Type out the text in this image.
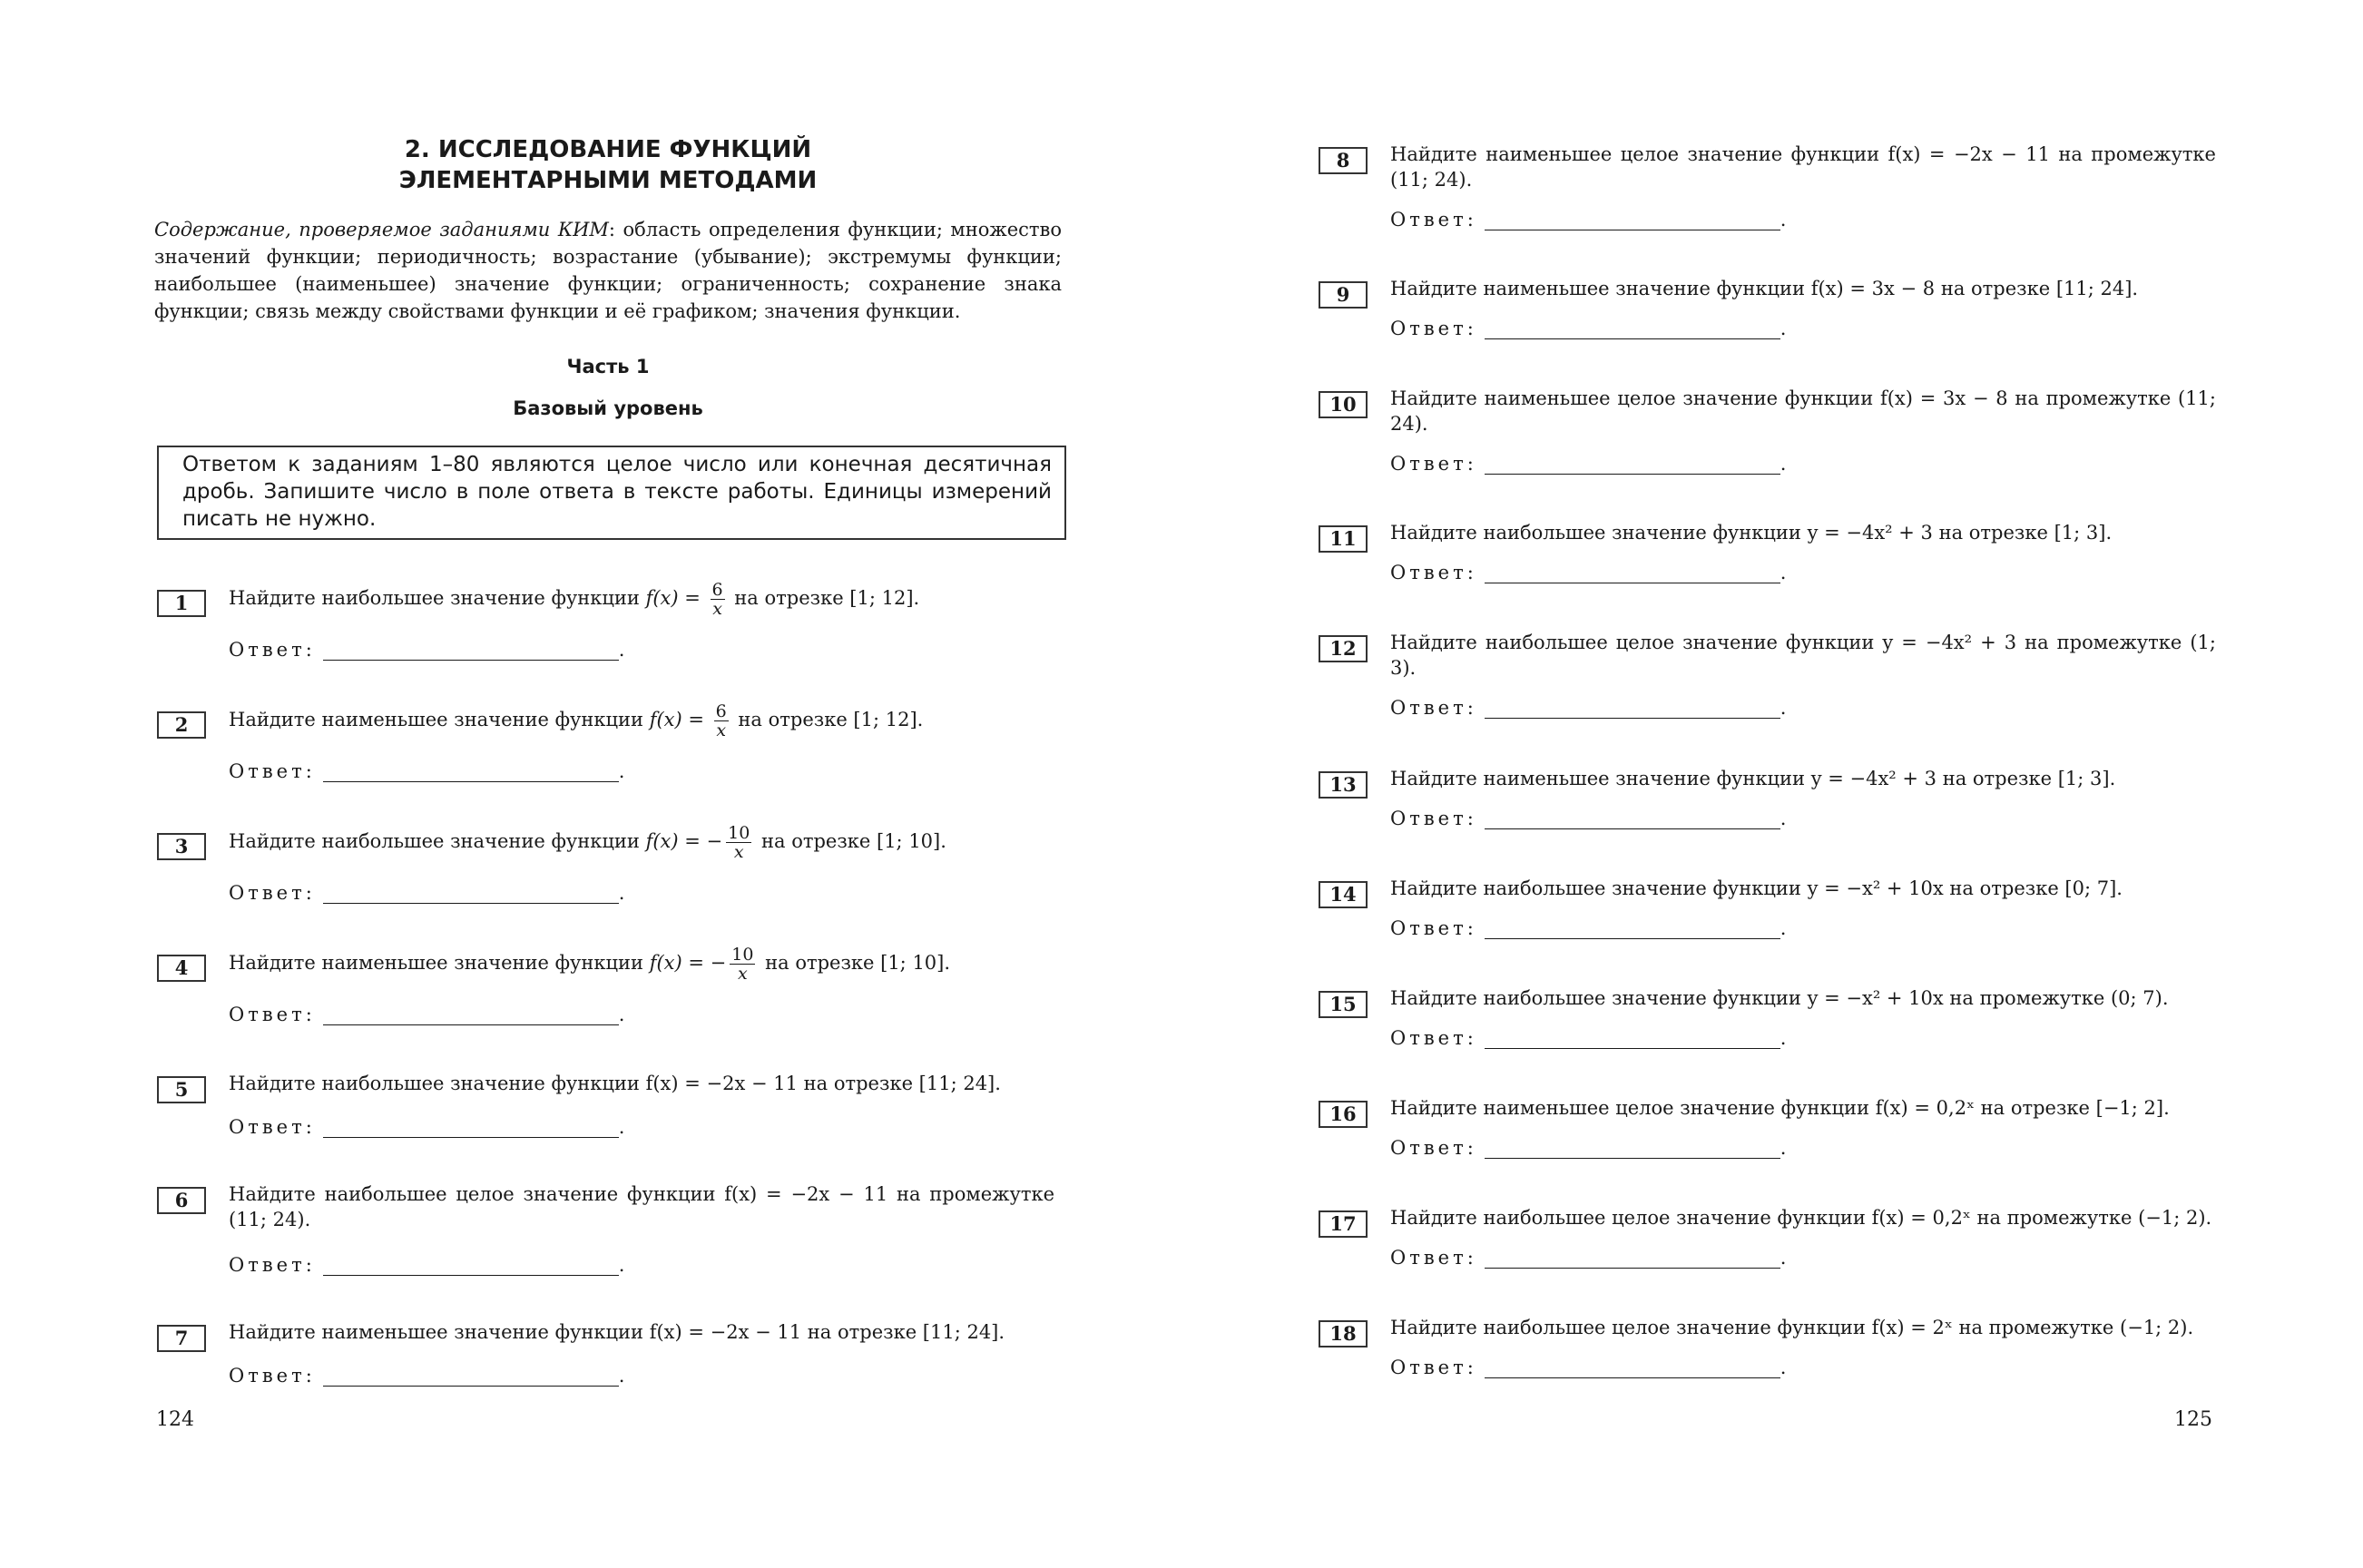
2. ИССЛЕДОВАНИЕ ФУНКЦИЙ
ЭЛЕМЕНТАРНЫМИ МЕТОДАМИ

Содержание, проверяемое заданиями КИМ: область определения функции; множество значений функции; периодичность; возрастание (убывание); экстремумы функции; наибольшее (наименьшее) значение функции; ограниченность; сохранение знака функции; связь между свойствами функции и её графиком; значения функции.

Часть 1

Базовый уровень

Ответом к заданиям 1–80 являются целое число или конечная десятичная дробь. Запишите число в поле ответа в тексте работы. Единицы измерений писать не нужно.
1	Найдите наибольшее значение функции $f(x) = \frac{6}{x}$ на отрезке [1; 12].

Ответ:	.

2	Найдите наименьшее значение функции $f(x) = \frac{6}{x}$ на отрезке [1; 12].

Ответ:	.

3	Найдите наибольшее значение функции f(x) = − $\frac{10}{x}$ на отрезке [1; 10].

Ответ:	.

4	Найдите наименьшее значение функции f(x) = − $\frac{10}{x}$ на отрезке [1; 10].

Ответ:	.

5	Найдите наибольшее значение функции f(x) = −2x − 11 на отрезке [11; 24].

Ответ:	.

6	Найдите наибольшее целое значение функции f(x) = −2x − 11 на промежутке (11; 24).

Ответ:	.

7	Найдите наименьшее значение функции f(x) = −2x − 11 на отрезке [11; 24].

Ответ:	.

124

8	Найдите наименьшее целое значение функции f(x) = −2x − 11 на промежутке (11; 24).

Ответ:	.

9	Найдите наименьшее значение функции f(x) = 3x − 8 на отрезке [11; 24].

Ответ:	.

10	Найдите наименьшее целое значение функции f(x) = 3x − 8 на промежутке (11; 24).

Ответ:	.

11	Найдите наибольшее значение функции y = −4x² + 3 на отрезке [1; 3].

Ответ:	.

12	Найдите наибольшее целое значение функции y = −4x² + 3 на промежутке (1; 3).

Ответ:	.

13	Найдите наименьшее значение функции y = −4x² + 3 на отрезке [1; 3].

Ответ:	.

14	Найдите наибольшее значение функции y = −x² + 10x на отрезке [0; 7].

Ответ:	.

15	Найдите наибольшее значение функции y = −x² + 10x на промежутке (0; 7).

Ответ:	.

16	Найдите наименьшее целое значение функции f(x) = 0,2ˣ на отрезке [−1; 2].

Ответ:	.

17	Найдите наибольшее целое значение функции f(x) = 0,2ˣ на промежутке (−1; 2).

Ответ:	.

18	Найдите наибольшее целое значение функции f(x) = 2ˣ на промежутке (−1; 2).

Ответ:	.

125
